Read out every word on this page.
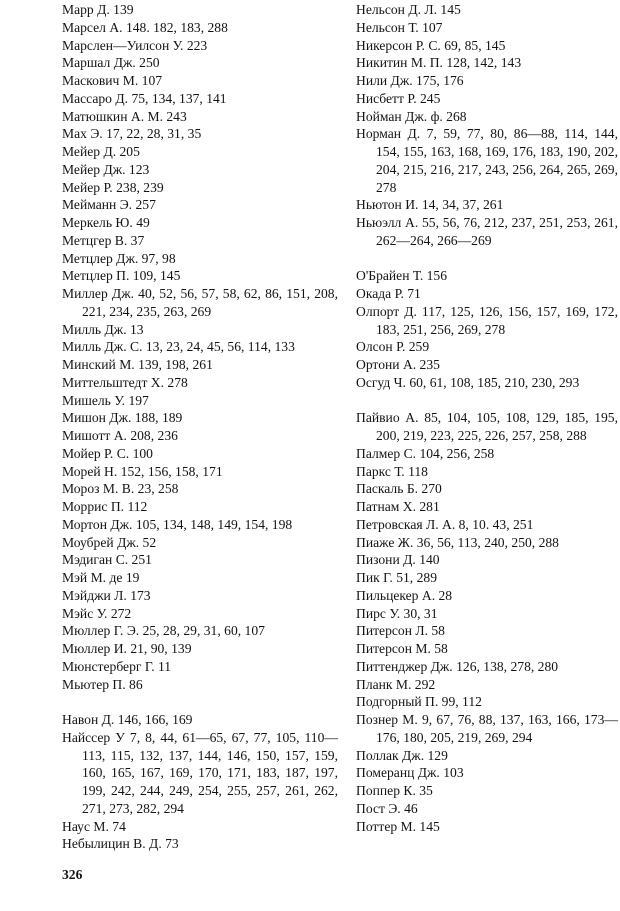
Марр Д. 139
Марсел А. 148. 182, 183, 288
Марслен—Уилсон У. 223
Маршал Дж. 250
Маскович М. 107
Массаро Д. 75, 134, 137, 141
Матюшкин А. М. 243
Мах Э. 17, 22, 28, 31, 35
Мейер Д. 205
Мейер Дж. 123
Мейер Р. 238, 239
Мейманн Э. 257
Меркель Ю. 49
Метцгер В. 37
Метцлер Дж. 97, 98
Метцлер П. 109, 145
Миллер Дж. 40, 52, 56, 57, 58, 62, 86, 151, 208, 221, 234, 235, 263, 269
Милль Дж. 13
Милль Дж. С. 13, 23, 24, 45, 56, 114, 133
Минский М. 139, 198, 261
Миттельштедт Х. 278
Мишель У. 197
Мишон Дж. 188, 189
Мишотт А. 208, 236
Мойер Р. С. 100
Морей Н. 152, 156, 158, 171
Мороз М. В. 23, 258
Моррис П. 112
Мортон Дж. 105, 134, 148, 149, 154, 198
Моубрей Дж. 52
Мэдиган С. 251
Мэй М. де 19
Мэйджи Л. 173
Мэйс У. 272
Мюллер Г. Э. 25, 28, 29, 31, 60, 107
Мюллер И. 21, 90, 139
Мюнстерберг Г. 11
Мьютер П. 86
Навон Д. 146, 166, 169
Найссер У 7, 8, 44, 61—65, 67, 77, 105, 110—113, 115, 132, 137, 144, 146, 150, 157, 159, 160, 165, 167, 169, 170, 171, 183, 187, 197, 199, 242, 244, 249, 254, 255, 257, 261, 262, 271, 273, 282, 294
Наус М. 74
Небылицин В. Д. 73
Нельсон Д. Л. 145
Нельсон Т. 107
Никерсон Р. С. 69, 85, 145
Никитин М. П. 128, 142, 143
Нили Дж. 175, 176
Нисбетт Р. 245
Нойман Дж. ф. 268
Норман Д. 7, 59, 77, 80, 86—88, 114, 144, 154, 155, 163, 168, 169, 176, 183, 190, 202, 204, 215, 216, 217, 243, 256, 264, 265, 269, 278
Ньютон И. 14, 34, 37, 261
Ньюэлл А. 55, 56, 76, 212, 237, 251, 253, 261, 262—264, 266—269
О'Брайен Т. 156
Окада Р. 71
Олпорт Д. 117, 125, 126, 156, 157, 169, 172, 183, 251, 256, 269, 278
Олсон Р. 259
Ортони А. 235
Осгуд Ч. 60, 61, 108, 185, 210, 230, 293
Пайвио А. 85, 104, 105, 108, 129, 185, 195, 200, 219, 223, 225, 226, 257, 258, 288
Палмер С. 104, 256, 258
Паркс Т. 118
Паскаль Б. 270
Патнам Х. 281
Петровская Л. А. 8, 10. 43, 251
Пиаже Ж. 36, 56, 113, 240, 250, 288
Пизони Д. 140
Пик Г. 51, 289
Пильцекер А. 28
Пирс У. 30, 31
Питерсон Л. 58
Питерсон М. 58
Питтенджер Дж. 126, 138, 278, 280
Планк М. 292
Подгорный П. 99, 112
Познер М. 9, 67, 76, 88, 137, 163, 166, 173—176, 180, 205, 219, 269, 294
Поллак Дж. 129
Померанц Дж. 103
Поппер К. 35
Пост Э. 46
Поттер М. 145
326
